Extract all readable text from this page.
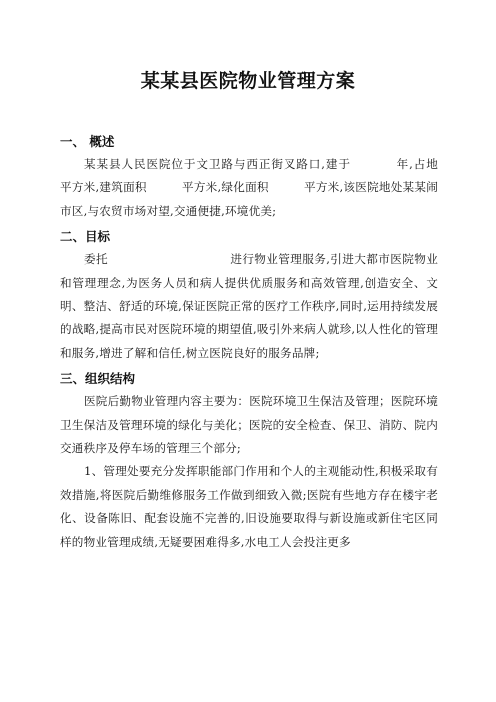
某某县医院物业管理方案

一、 概述

某某县人民医院位于文卫路与西正街叉路口,建于          年,占地       平方米,建筑面积         平方米,绿化面积         平方米,该医院地处某某闹市区,与农贸市场对望,交通便捷,环境优美;

二、目标

委托                              进行物业管理服务,引进大都市医院物业和管理理念,为医务人员和病人提供优质服务和高效管理,创造安全、文明、整洁、舒适的环境,保证医院正常的医疗工作秩序,同时,运用持续发展的战略,提高市民对医院环境的期望值,吸引外来病人就珍,以人性化的管理和服务,增进了解和信任,树立医院良好的服务品牌;

三、组织结构

医院后勤物业管理内容主要为：医院环境卫生保洁及管理；医院环境卫生保洁及管理环境的绿化与美化；医院的安全检查、保卫、消防、院内交通秩序及停车场的管理三个部分;

1、管理处要充分发挥职能部门作用和个人的主观能动性,积极采取有效措施,将医院后勤维修服务工作做到细致入微;医院有些地方存在楼宇老化、设备陈旧、配套设施不完善的,旧设施要取得与新设施或新住宅区同样的物业管理成绩,无疑要困难得多,水电工人会投注更多
